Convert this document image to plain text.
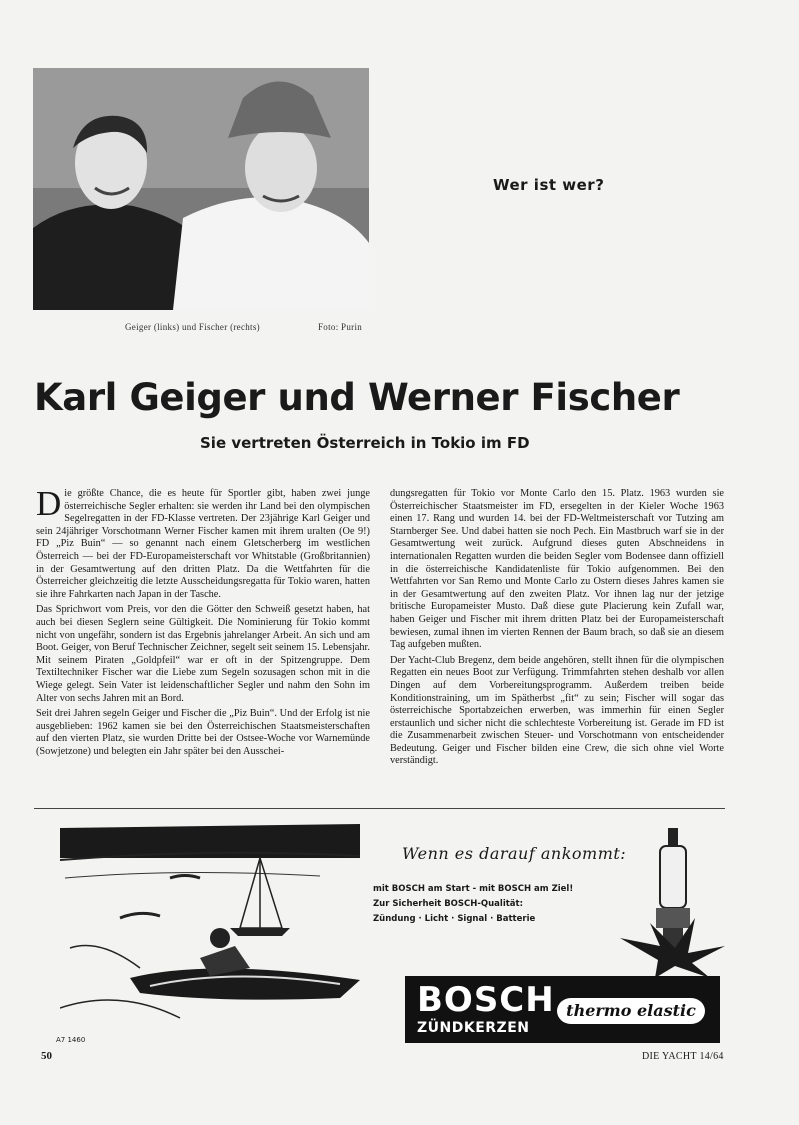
Geiger (links) und Fischer (rechts)	Foto: Purin
Wer ist wer?
Karl Geiger und Werner Fischer
Sie vertreten Österreich in Tokio im FD

Die größte Chance, die es heute für Sportler gibt, haben zwei junge österreichische Segler erhalten: sie werden ihr Land bei den olympischen Segelregatten in der FD-Klasse vertreten. Der 23jährige Karl Geiger und sein 24jähriger Vorschotmann Werner Fischer kamen mit ihrem uralten (Oe 9!) FD „Piz Buin“ — so genannt nach einem Gletscherberg im westlichen Österreich — bei der FD-Europameisterschaft vor Whitstable (Großbritannien) in der Gesamtwertung auf den dritten Platz. Da die Wettfahrten für die Österreicher gleichzeitig die letzte Ausscheidungsregatta für Tokio waren, hatten sie ihre Fahrkarten nach Japan in der Tasche.

Das Sprichwort vom Preis, vor den die Götter den Schweiß gesetzt haben, hat auch bei diesen Seglern seine Gültigkeit. Die Nominierung für Tokio kommt nicht von ungefähr, sondern ist das Ergebnis jahrelanger Arbeit. An sich und am Boot. Geiger, von Beruf Technischer Zeichner, segelt seit seinem 15. Lebensjahr. Mit seinem Piraten „Goldpfeil“ war er oft in der Spitzengruppe. Dem Textiltechniker Fischer war die Liebe zum Segeln sozusagen schon mit in die Wiege gelegt. Sein Vater ist leidenschaftlicher Segler und nahm den Sohn im Alter von sechs Jahren mit an Bord.

Seit drei Jahren segeln Geiger und Fischer die „Piz Buin“. Und der Erfolg ist nie ausgeblieben: 1962 kamen sie bei den Österreichischen Staatsmeisterschaften auf den vierten Platz, sie wurden Dritte bei der Ostsee-Woche vor Warnemünde (Sowjetzone) und belegten ein Jahr später bei den Ausschei-

dungsregatten für Tokio vor Monte Carlo den 15. Platz. 1963 wurden sie Österreichischer Staatsmeister im FD, ersegelten in der Kieler Woche 1963 einen 17. Rang und wurden 14. bei der FD-Weltmeisterschaft vor Tutzing am Starnberger See. Und dabei hatten sie noch Pech. Ein Mastbruch warf sie in der Gesamtwertung weit zurück. Aufgrund dieses guten Abschneidens in internationalen Regatten wurden die beiden Segler vom Bodensee dann offiziell in die österreichische Kandidatenliste für Tokio aufgenommen. Bei den Wettfahrten vor San Remo und Monte Carlo zu Ostern dieses Jahres kamen sie in der Gesamtwertung auf den zweiten Platz. Vor ihnen lag nur der jetzige britische Europameister Musto. Daß diese gute Placierung kein Zufall war, haben Geiger und Fischer mit ihrem dritten Platz bei der Europameisterschaft bewiesen, zumal ihnen im vierten Rennen der Baum brach, so daß sie an diesem Tag aufgeben mußten.

Der Yacht-Club Bregenz, dem beide angehören, stellt ihnen für die olympischen Regatten ein neues Boot zur Verfügung. Trimmfahrten stehen deshalb vor allen Dingen auf dem Vorbereitungsprogramm. Außerdem treiben beide Konditionstraining, um im Spätherbst „fit“ zu sein; Fischer will sogar das österreichische Sportabzeichen erwerben, was immerhin für einen Segler erstaunlich und sicher nicht die schlechteste Vorbereitung ist. Gerade im FD ist die Zusammenarbeit zwischen Steuer- und Vorschotmann von entscheidender Bedeutung. Geiger und Fischer bilden eine Crew, die sich ohne viel Worte verständigt.

Wenn es darauf ankommt:
mit BOSCH am Start - mit BOSCH am Ziel!
Zur Sicherheit BOSCH-Qualität:
Zündung · Licht · Signal · Batterie
BOSCH
ZÜNDKERZEN
thermo elastic
A7 1460
50	DIE YACHT 14/64
